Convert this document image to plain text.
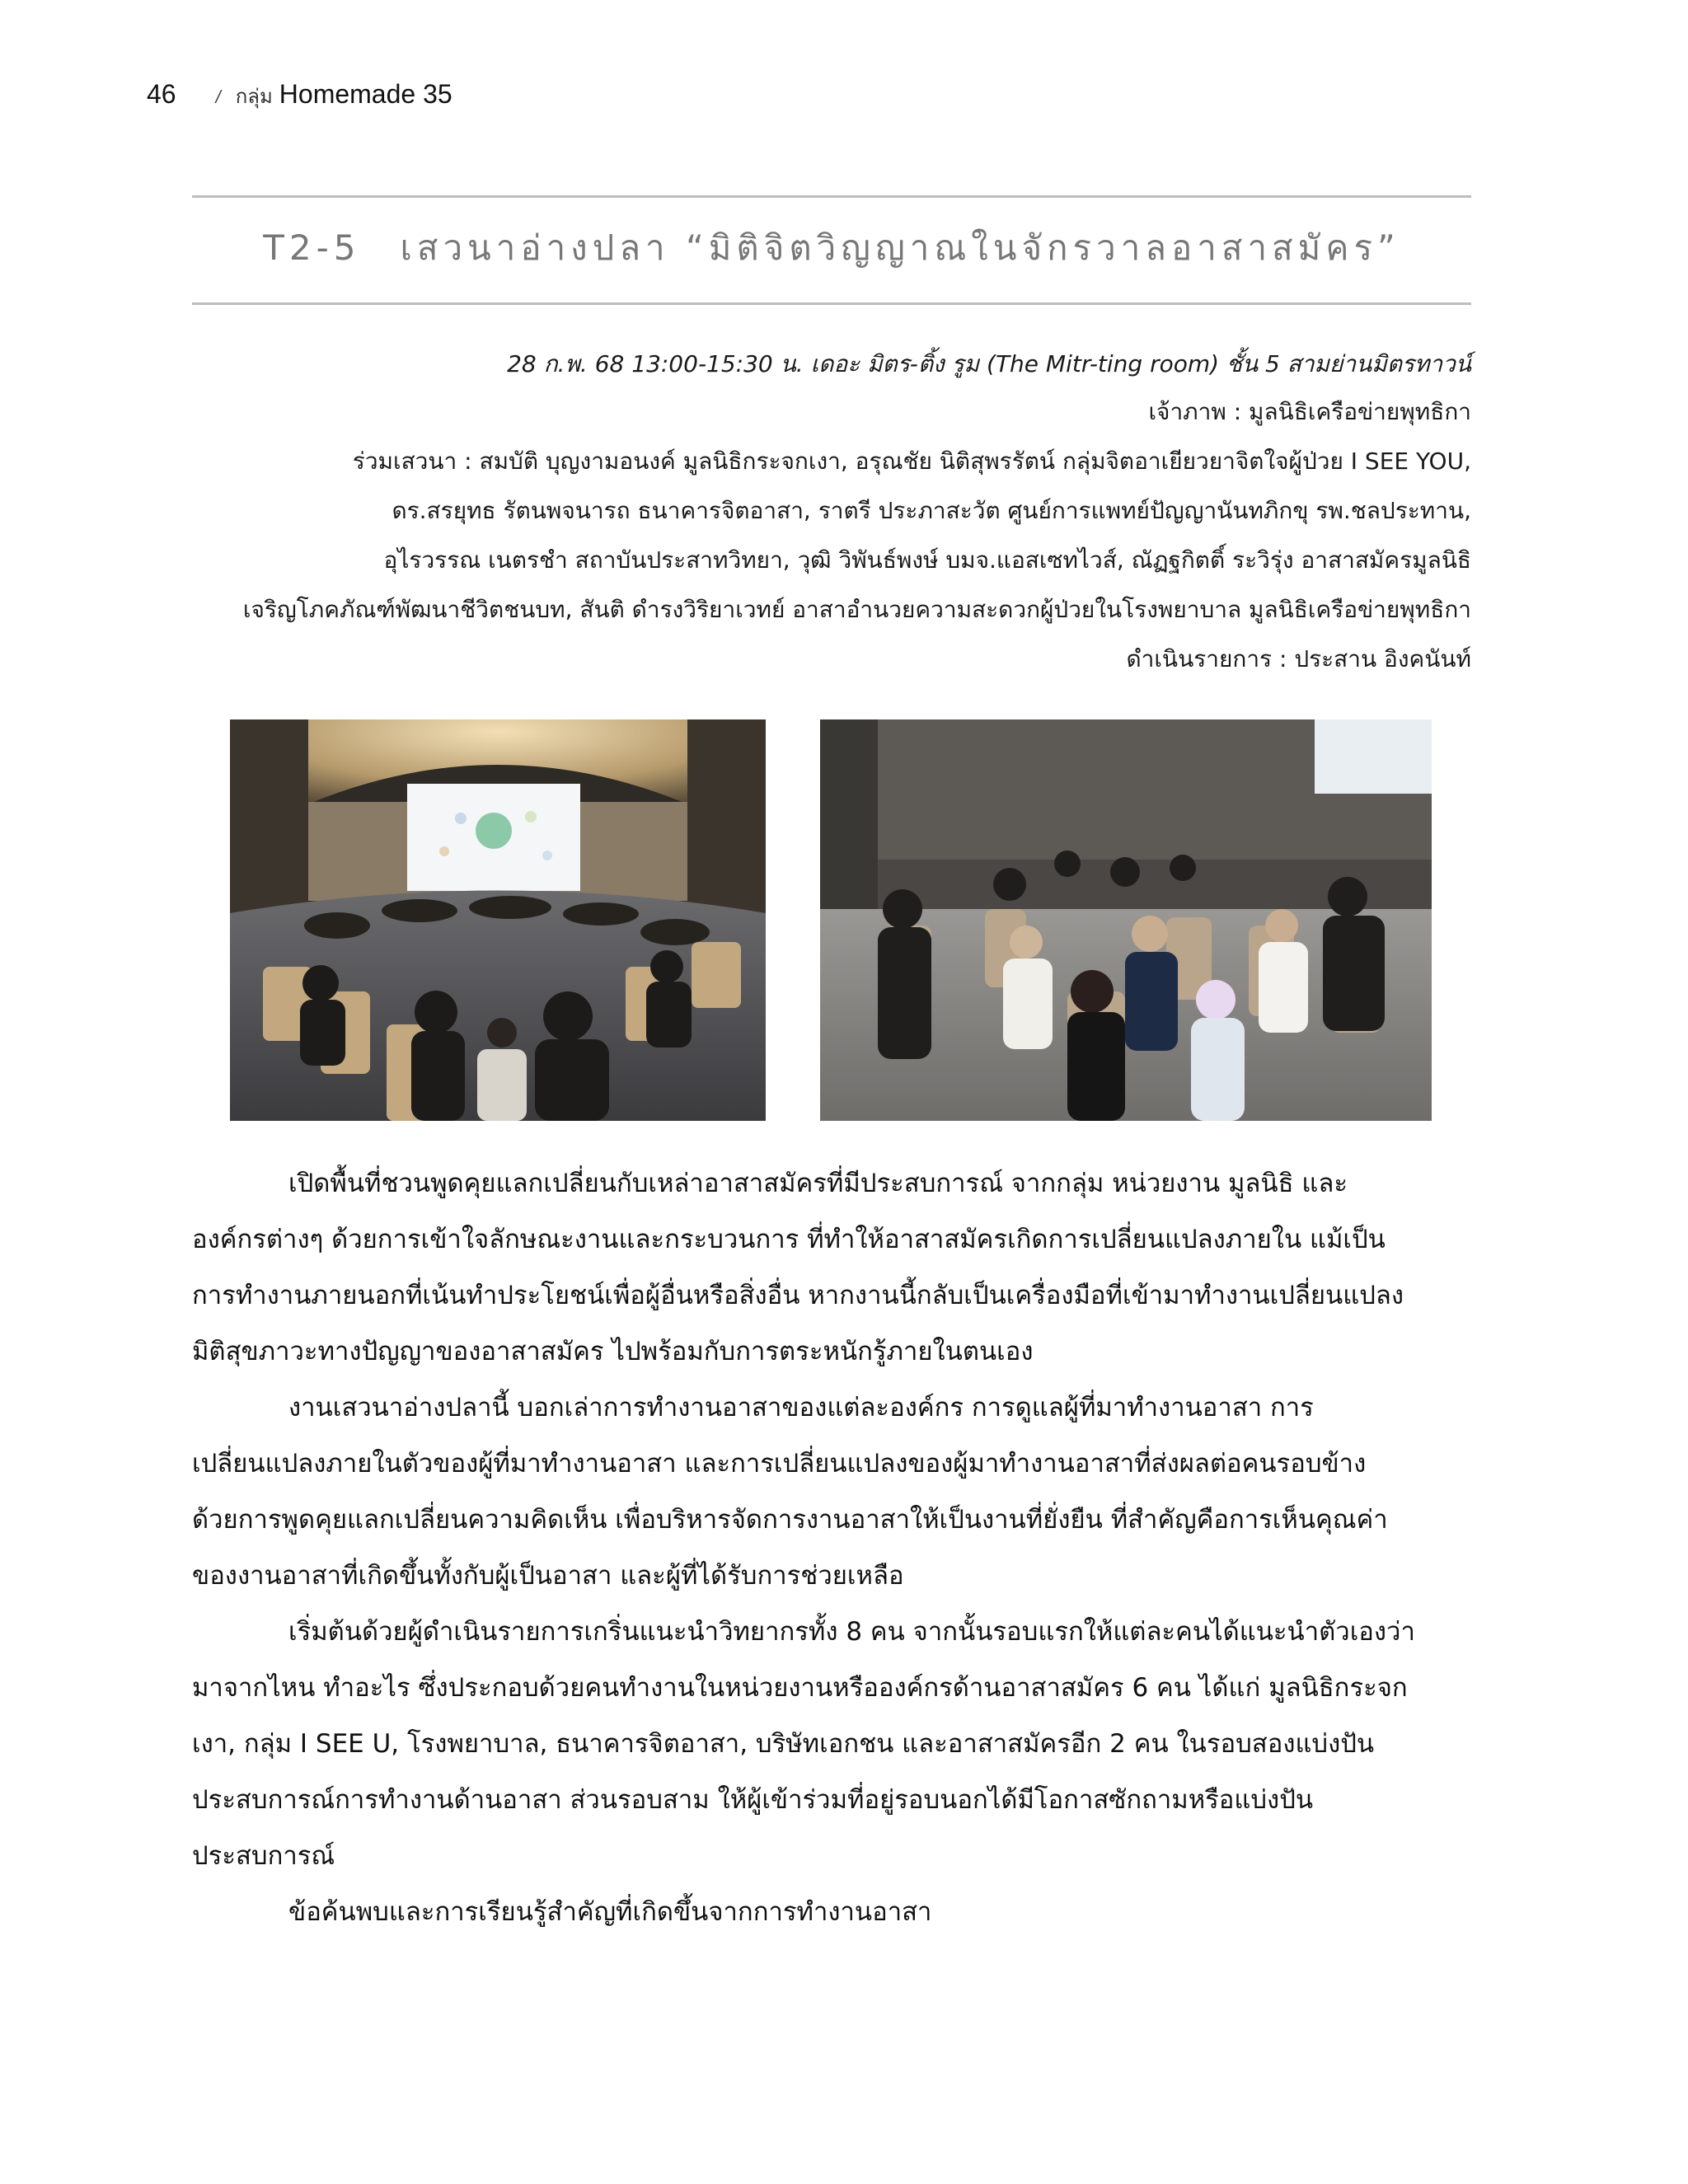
46 / กลุ่ม Homemade 35
T2-5 เสวนาอ่างปลา “มิติจิตวิญญาณในจักรวาลอาสาสมัคร”
28 ก.พ. 68 13:00-15:30 น. เดอะ มิตร-ติ้ง รูม (The Mitr-ting room) ชั้น 5 สามย่านมิตรทาวน์
เจ้าภาพ : มูลนิธิเครือข่ายพุทธิกา
ร่วมเสวนา : สมบัติ บุญงามอนงค์ มูลนิธิกระจกเงา, อรุณชัย นิติสุพรรัตน์ กลุ่มจิตอาเยียวยาจิตใจผู้ป่วย I SEE YOU,
ดร.สรยุทธ รัตนพจนารถ ธนาคารจิตอาสา, ราตรี ประภาสะวัต ศูนย์การแพทย์ปัญญานันทภิกขุ รพ.ชลประทาน,
อุไรวรรณ เนตรชำ สถาบันประสาทวิทยา, วุฒิ วิพันธ์พงษ์ บมจ.แอสเซทไวส์, ณัฏฐกิตติ์ ระวิรุ่ง อาสาสมัครมูลนิธิ
เจริญโภคภัณฑ์พัฒนาชีวิตชนบท, สันติ ดำรงวิริยาเวทย์ อาสาอำนวยความสะดวกผู้ป่วยในโรงพยาบาล มูลนิธิเครือข่ายพุทธิกา
ดำเนินรายการ : ประสาน อิงคนันท์

เปิดพื้นที่ชวนพูดคุยแลกเปลี่ยนกับเหล่าอาสาสมัครที่มีประสบการณ์ จากกลุ่ม หน่วยงาน มูลนิธิ และ
องค์กรต่างๆ ด้วยการเข้าใจลักษณะงานและกระบวนการ ที่ทำให้อาสาสมัครเกิดการเปลี่ยนแปลงภายใน แม้เป็น
การทำงานภายนอกที่เน้นทำประโยชน์เพื่อผู้อื่นหรือสิ่งอื่น หากงานนี้กลับเป็นเครื่องมือที่เข้ามาทำงานเปลี่ยนแปลง
มิติสุขภาวะทางปัญญาของอาสาสมัคร ไปพร้อมกับการตระหนักรู้ภายในตนเอง

งานเสวนาอ่างปลานี้ บอกเล่าการทำงานอาสาของแต่ละองค์กร การดูแลผู้ที่มาทำงานอาสา การ
เปลี่ยนแปลงภายในตัวของผู้ที่มาทำงานอาสา และการเปลี่ยนแปลงของผู้มาทำงานอาสาที่ส่งผลต่อคนรอบข้าง
ด้วยการพูดคุยแลกเปลี่ยนความคิดเห็น เพื่อบริหารจัดการงานอาสาให้เป็นงานที่ยั่งยืน ที่สำคัญคือการเห็นคุณค่า
ของงานอาสาที่เกิดขึ้นทั้งกับผู้เป็นอาสา และผู้ที่ได้รับการช่วยเหลือ

เริ่มต้นด้วยผู้ดำเนินรายการเกริ่นแนะนำวิทยากรทั้ง 8 คน จากนั้นรอบแรกให้แต่ละคนได้แนะนำตัวเองว่า
มาจากไหน ทำอะไร ซึ่งประกอบด้วยคนทำงานในหน่วยงานหรือองค์กรด้านอาสาสมัคร 6 คน ได้แก่ มูลนิธิกระจก
เงา, กลุ่ม I SEE U, โรงพยาบาล, ธนาคารจิตอาสา, บริษัทเอกชน และอาสาสมัครอีก 2 คน ในรอบสองแบ่งปัน
ประสบการณ์การทำงานด้านอาสา ส่วนรอบสาม ให้ผู้เข้าร่วมที่อยู่รอบนอกได้มีโอกาสซักถามหรือแบ่งปัน
ประสบการณ์

ข้อค้นพบและการเรียนรู้สำคัญที่เกิดขึ้นจากการทำงานอาสา
